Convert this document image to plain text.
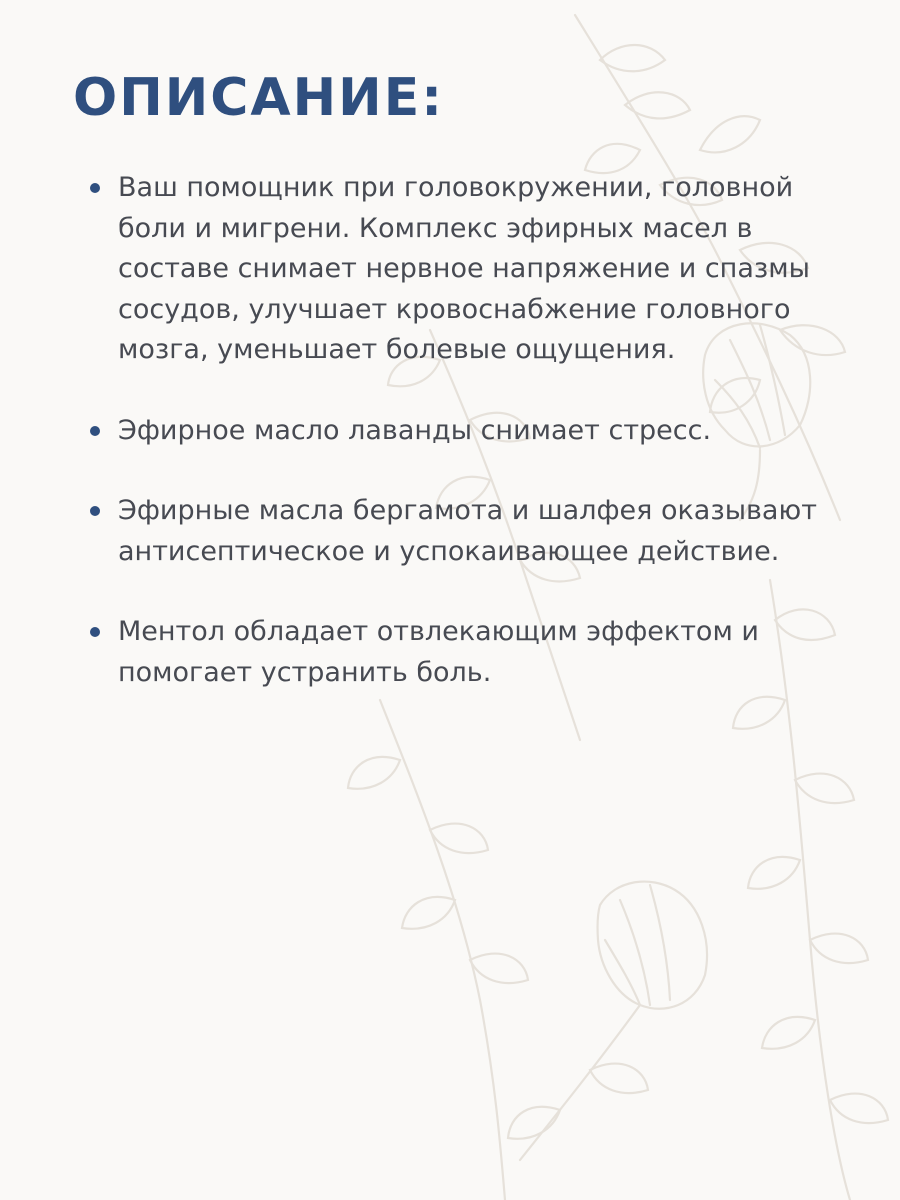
ОПИСАНИЕ:
Ваш помощник при головокружении, головной боли и мигрени. Комплекс эфирных масел в составе снимает нервное напряжение и спазмы сосудов, улучшает кровоснабжение головного мозга, уменьшает болевые ощущения.
Эфирное масло лаванды снимает стресс.
Эфирные масла бергамота и шалфея оказывают антисептическое и успокаивающее действие.
Ментол обладает отвлекающим эффектом и помогает устранить боль.
